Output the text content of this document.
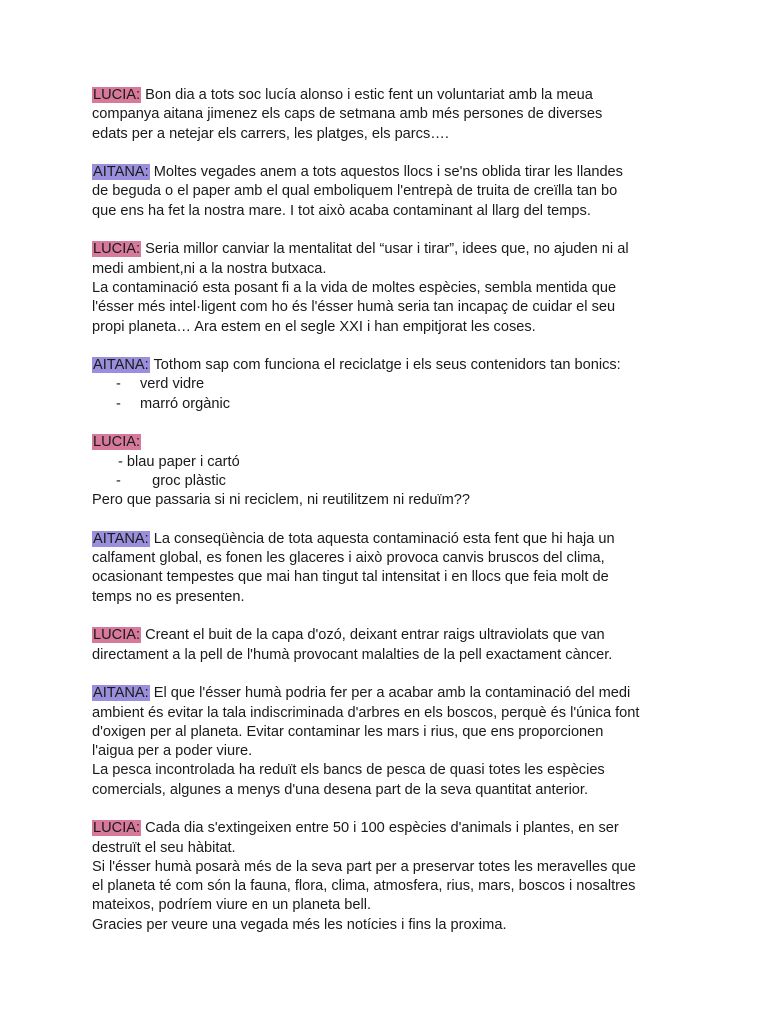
LUCIA: Bon dia a tots soc lucía alonso i estic fent un voluntariat amb la meua
companya aitana jimenez els caps de setmana amb més persones de diverses
edats per a netejar els carrers, les platges, els parcs….
AITANA: Moltes vegades anem a tots aquestos llocs i se'ns oblida tirar les llandes
de beguda o el paper amb el qual emboliquem l'entrepà de truita de creïlla tan bo
que ens ha fet la nostra mare. I tot això acaba contaminant al llarg del temps.
LUCIA: Seria millor canviar la mentalitat del “usar i tirar”, idees que, no ajuden ni al
medi ambient,ni a la nostra butxaca.
La contaminació esta posant fi a la vida de moltes espècies, sembla mentida que
l'ésser més intel·ligent com ho és l'ésser humà seria tan incapaç de cuidar el seu
propi planeta… Ara estem en el segle XXI i han empitjorat les coses.
AITANA: Tothom sap com funciona el reciclatge i els seus contenidors tan bonics:
- verd vidre
- marró orgànic
LUCIA:
- blau paper i cartó
- groc plàstic
Pero que passaria si ni reciclem, ni reutilitzem ni reduïm??
AITANA: La conseqüència de tota aquesta contaminació esta fent que hi haja un
calfament global, es fonen les glaceres i això provoca canvis bruscos del clima,
ocasionant tempestes que mai han tingut tal intensitat i en llocs que feia molt de
temps no es presenten.
LUCIA: Creant el buit de la capa d'ozó, deixant entrar raigs ultraviolats que van
directament a la pell de l'humà provocant malalties de la pell exactament càncer.
AITANA: El que l'ésser humà podria fer per a acabar amb la contaminació del medi
ambient és evitar la tala indiscriminada d'arbres en els boscos, perquè és l'única font
d'oxigen per al planeta. Evitar contaminar les mars i rius, que ens proporcionen
l'aigua per a poder viure.
La pesca incontrolada ha reduït els bancs de pesca de quasi totes les espècies
comercials, algunes a menys d'una desena part de la seva quantitat anterior.
LUCIA: Cada dia s'extingeixen entre 50 i 100 espècies d'animals i plantes, en ser
destruït el seu hàbitat.
Si l'ésser humà posarà més de la seva part per a preservar totes les meravelles que
el planeta té com són la fauna, flora, clima, atmosfera, rius, mars, boscos i nosaltres
mateixos, podríem viure en un planeta bell.
Gracies per veure una vegada més les notícies i fins la proxima.
